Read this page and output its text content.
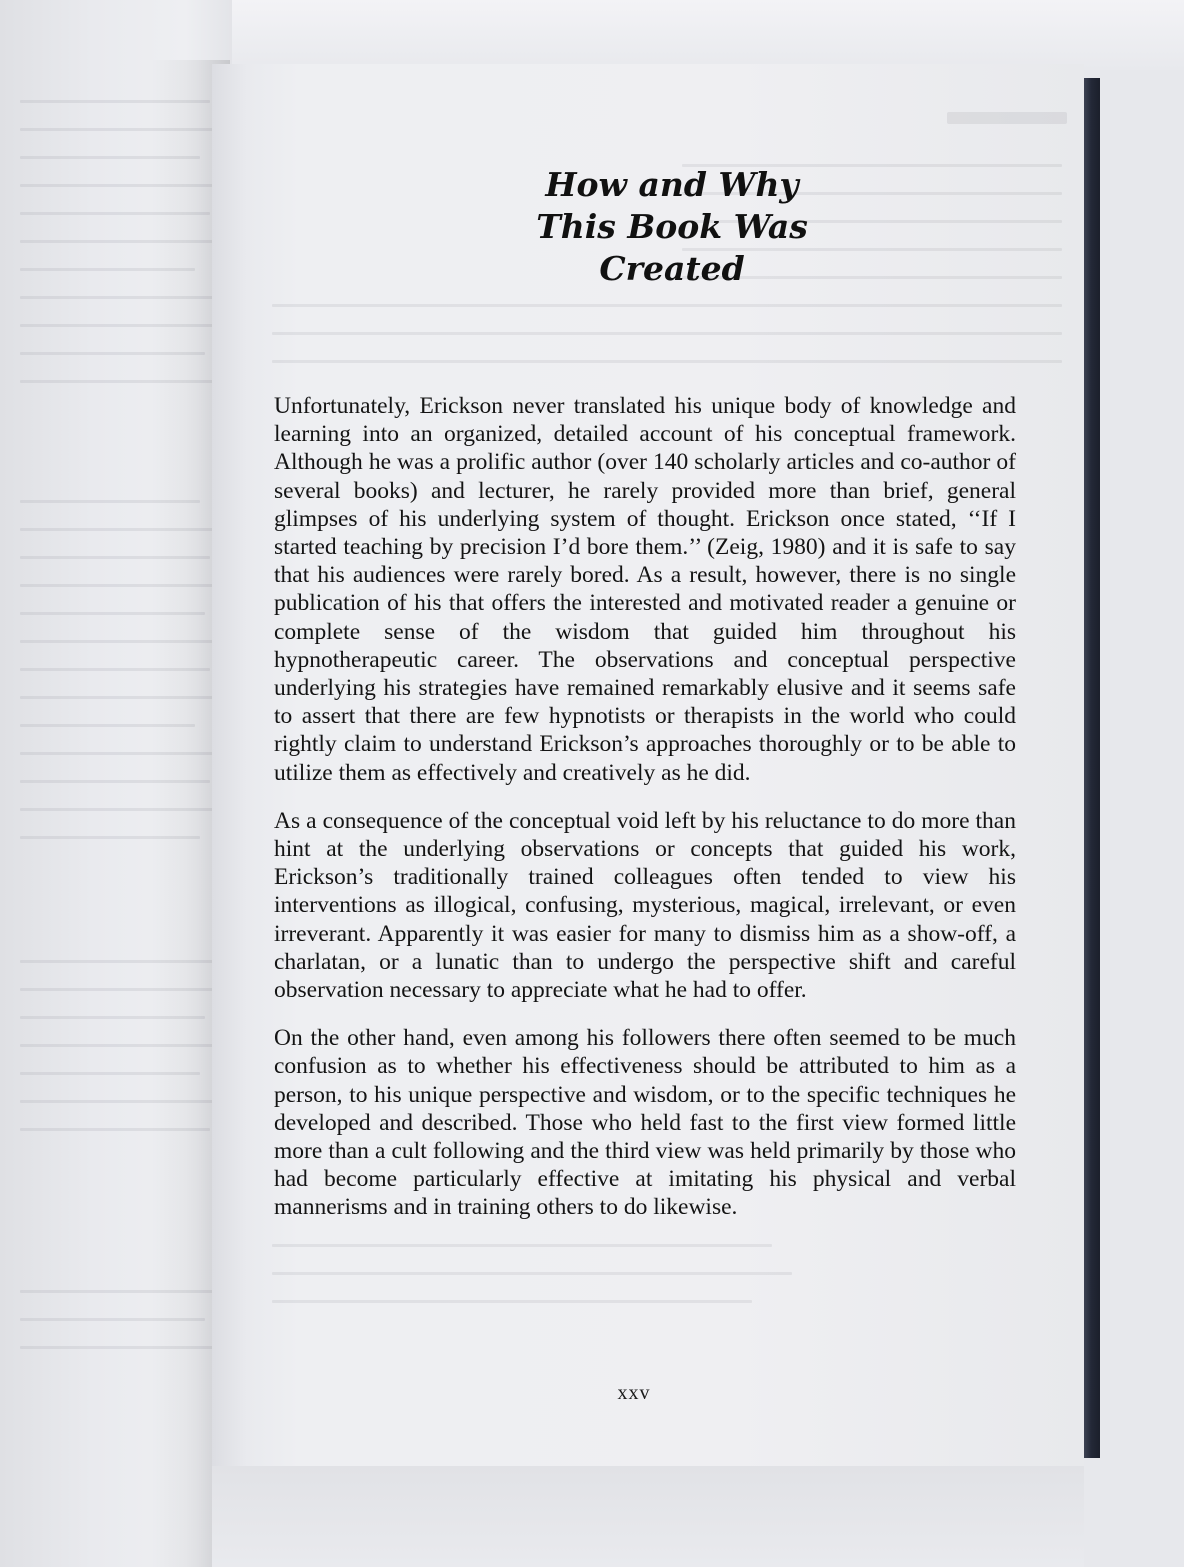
How and Why
This Book Was
Created

Unfortunately, Erickson never translated his unique body of knowledge and learning into an organized, detailed account of his conceptual framework. Although he was a prolific author (over 140 scholarly articles and co-author of several books) and lecturer, he rarely provided more than brief, general glimpses of his underlying system of thought. Erickson once stated, ‘‘If I started teaching by precision I’d bore them.’’ (Zeig, 1980) and it is safe to say that his audiences were rarely bored. As a result, however, there is no single publication of his that offers the interested and motivated reader a genuine or complete sense of the wisdom that guided him throughout his hypnotherapeutic career. The observations and conceptual perspective underlying his strategies have remained remarkably elusive and it seems safe to assert that there are few hypnotists or therapists in the world who could rightly claim to understand Erickson’s approaches thoroughly or to be able to utilize them as effectively and creatively as he did.

As a consequence of the conceptual void left by his reluctance to do more than hint at the underlying observations or concepts that guided his work, Erickson’s traditionally trained colleagues often tended to view his interventions as illogical, confusing, mysterious, magical, irrelevant, or even irreverant. Apparently it was easier for many to dismiss him as a show-off, a charlatan, or a lunatic than to undergo the perspective shift and careful observation necessary to appreciate what he had to offer.

On the other hand, even among his followers there often seemed to be much confusion as to whether his effectiveness should be attributed to him as a person, to his unique perspective and wisdom, or to the specific techniques he developed and described. Those who held fast to the first view formed little more than a cult following and the third view was held primarily by those who had become particularly effective at imitating his physical and verbal mannerisms and in training others to do likewise.

xxv
